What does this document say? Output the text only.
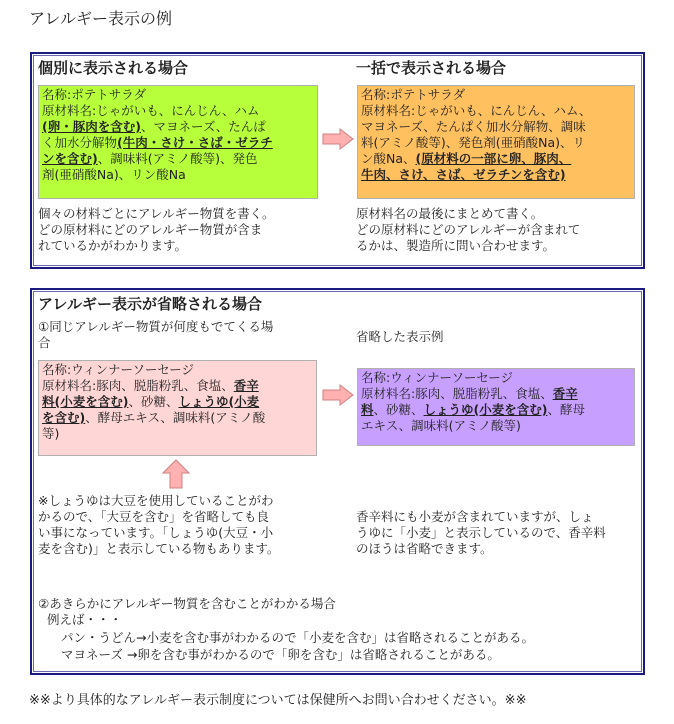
アレルギー表示の例
個別に表示される場合	一括で表示される場合
名称:ポテトサラダ
原材料名:じゃがいも、にんじん、ハム
(卵・豚肉を含む)、マヨネーズ、たんぱ
く加水分解物(牛肉・さけ・さば・ゼラチ
ンを含む)、調味料(アミノ酸等)、発色
剤(亜硝酸Na)、リン酸Na
名称:ポテトサラダ
原材料名:じゃがいも、にんじん、ハム、
マヨネーズ、たんぱく加水分解物、調味
料(アミノ酸等)、発色剤(亜硝酸Na)、リ
ン酸Na、(原材料の一部に卵、豚肉、
牛肉、さけ、さば、ゼラチンを含む)
個々の材料ごとにアレルギー物質を書く。
どの原材料にどのアレルギー物質が含ま
れているかがわかります。
原材料名の最後にまとめて書く。
どの原材料にどのアレルギーが含まれて
るかは、製造所に問い合わせます。
アレルギー表示が省略される場合
①同じアレルギー物質が何度もでてくる場
合	省略した表示例
名称:ウィンナーソーセージ
原材料名:豚肉、脱脂粉乳、食塩、香辛
料(小麦を含む)、砂糖、しょうゆ(小麦
を含む)、酵母エキス、調味料(アミノ酸
等)
名称:ウィンナーソーセージ
原材料名:豚肉、脱脂粉乳、食塩、香辛
料、砂糖、しょうゆ(小麦を含む)、酵母
エキス、調味料(アミノ酸等)
※しょうゆは大豆を使用していることがわ
かるので、「大豆を含む」を省略しても良
い事になっています。「しょうゆ(大豆・小
麦を含む)」と表示している物もあります。
香辛料にも小麦が含まれていますが、しょ
うゆに「小麦」と表示しているので、香辛料
のほうは省略できます。
②あきらかにアレルギー物質を含むことがわかる場合
例えば・・・
パン・うどん→小麦を含む事がわかるので「小麦を含む」は省略されることがある。
マヨネーズ →卵を含む事がわかるので「卵を含む」は省略されることがある。
※※より具体的なアレルギー表示制度については保健所へお問い合わせください。※※
